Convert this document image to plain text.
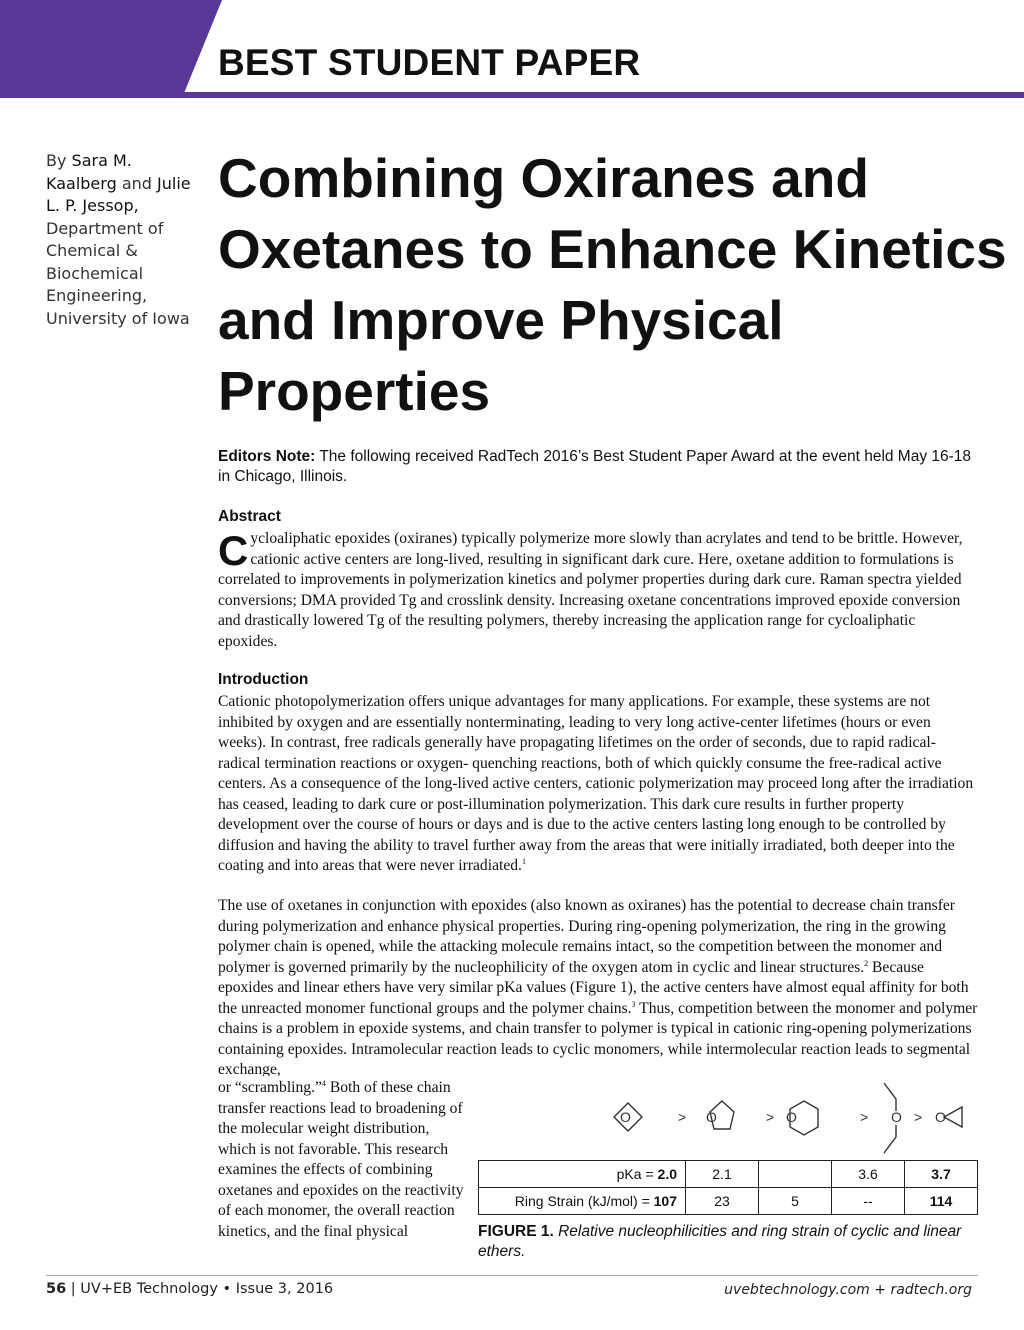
BEST STUDENT PAPER
By Sara M. Kaalberg and Julie L. P. Jessop, Department of Chemical & Biochemical Engineering, University of Iowa
Combining Oxiranes and Oxetanes to Enhance Kinetics and Improve Physical Properties
Editors Note: The following received RadTech 2016’s Best Student Paper Award at the event held May 16-18 in Chicago, Illinois.
Abstract
Cycloaliphatic epoxides (oxiranes) typically polymerize more slowly than acrylates and tend to be brittle. However, cationic active centers are long-lived, resulting in significant dark cure. Here, oxetane addition to formulations is correlated to improvements in polymerization kinetics and polymer properties during dark cure. Raman spectra yielded conversions; DMA provided Tg and crosslink density. Increasing oxetane concentrations improved epoxide conversion and drastically lowered Tg of the resulting polymers, thereby increasing the application range for cycloaliphatic epoxides.
Introduction
Cationic photopolymerization offers unique advantages for many applications. For example, these systems are not inhibited by oxygen and are essentially nonterminating, leading to very long active-center lifetimes (hours or even weeks). In contrast, free radicals generally have propagating lifetimes on the order of seconds, due to rapid radical-radical termination reactions or oxygen- quenching reactions, both of which quickly consume the free-radical active centers. As a consequence of the long-lived active centers, cationic polymerization may proceed long after the irradiation has ceased, leading to dark cure or post-illumination polymerization. This dark cure results in further property development over the course of hours or days and is due to the active centers lasting long enough to be controlled by diffusion and having the ability to travel further away from the areas that were initially irradiated, both deeper into the coating and into areas that were never irradiated.$^1$
The use of oxetanes in conjunction with epoxides (also known as oxiranes) has the potential to decrease chain transfer during polymerization and enhance physical properties. During ring-opening polymerization, the ring in the growing polymer chain is opened, while the attacking molecule remains intact, so the competition between the monomer and polymer is governed primarily by the nucleophilicity of the oxygen atom in cyclic and linear structures.$^2$ Because epoxides and linear ethers have very similar pKa values (Figure 1), the active centers have almost equal affinity for both the unreacted monomer functional groups and the polymer chains.$^3$ Thus, competition between the monomer and polymer chains is a problem in epoxide systems, and chain transfer to polymer is typical in cationic ring-opening polymerizations containing epoxides. Intramolecular reaction leads to cyclic monomers, while intermolecular reaction leads to segmental exchange,
or “scrambling.”$^4$ Both of these chain transfer reactions lead to broadening of the molecular weight distribution, which is not favorable. This research examines the effects of combining oxetanes and epoxides on the reactivity of each monomer, the overall reaction kinetics, and the final physical
O	> O	> O	> O > O
pKa = 2.0	2.1		3.6	3.7
Ring Strain (kJ/mol) = 107	23	5	--	114
FIGURE 1. Relative nucleophilicities and ring strain of cyclic and linear ethers.
56 | UV+EB Technology • Issue 3, 2016	uvebtechnology.com + radtech.org
